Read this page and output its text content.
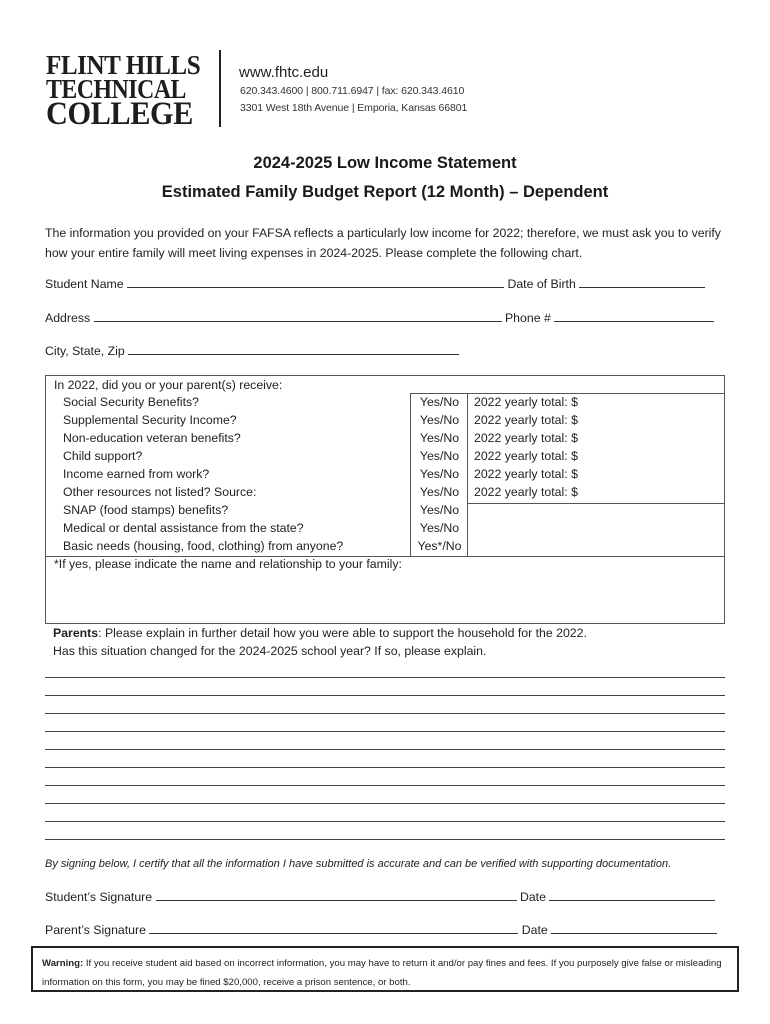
FLINT HILLS
TECHNICAL
COLLEGE
www.fhtc.edu
620.343.4600 | 800.711.6947 | fax: 620.343.4610
3301 West 18th Avenue | Emporia, Kansas 66801
2024-2025 Low Income Statement
Estimated Family Budget Report (12 Month) – Dependent
The information you provided on your FAFSA reflects a particularly low income for 2022; therefore, we must ask you to verify how your entire family will meet living expenses in 2024-2025. Please complete the following chart.
Student Name	Date of Birth
Address	Phone #
City, State, Zip
In 2022, did you or your parent(s) receive:
Social Security Benefits?	Yes/No	2022 yearly total: $
Supplemental Security Income?	Yes/No	2022 yearly total: $
Non-education veteran benefits?	Yes/No	2022 yearly total: $
Child support?	Yes/No	2022 yearly total: $
Income earned from work?	Yes/No	2022 yearly total: $
Other resources not listed? Source:	Yes/No	2022 yearly total: $
SNAP (food stamps) benefits?	Yes/No
Medical or dental assistance from the state?	Yes/No
Basic needs (housing, food, clothing) from anyone?	Yes*/No
*If yes, please indicate the name and relationship to your family:
Parents: Please explain in further detail how you were able to support the household for the 2022.
Has this situation changed for the 2024-2025 school year? If so, please explain.
By signing below, I certify that all the information I have submitted is accurate and can be verified with supporting documentation.
Student’s Signature	Date
Parent’s Signature	Date
Warning: If you receive student aid based on incorrect information, you may have to return it and/or pay fines and fees. If you purposely give false or misleading information on this form, you may be fined $20,000, receive a prison sentence, or both.
